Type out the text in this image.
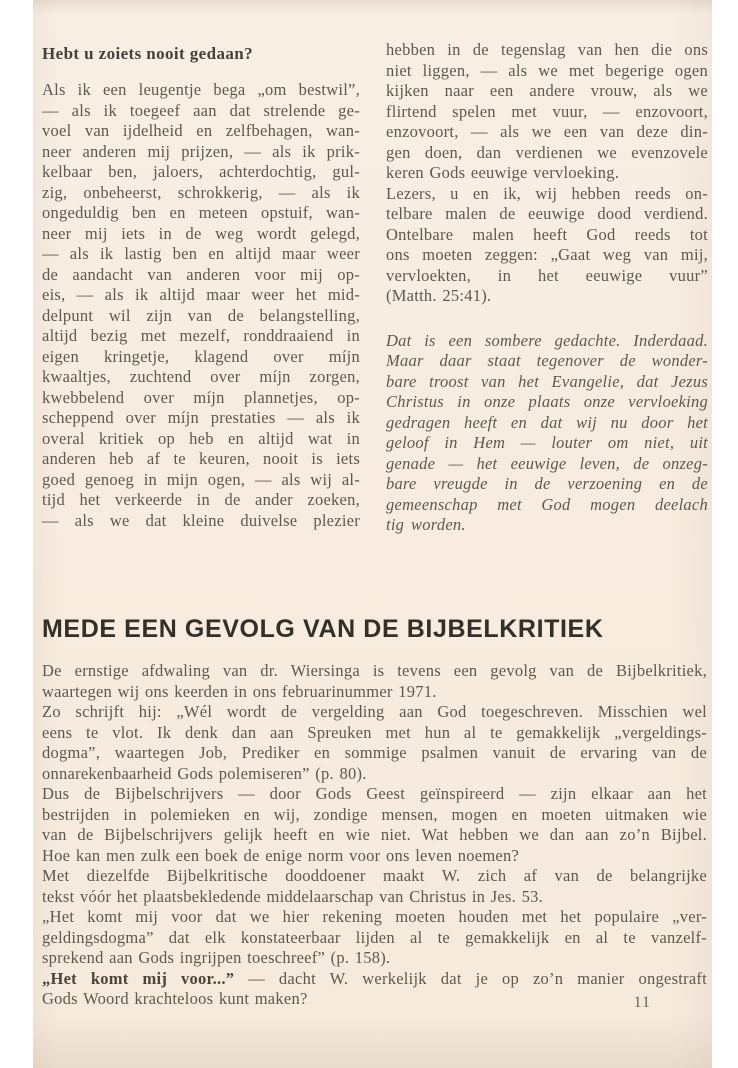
Hebt u zoiets nooit gedaan?
Als ik een leugentje bega „om bestwil”,
— als ik toegeef aan dat strelende ge-
voel van ijdelheid en zelfbehagen, wan-
neer anderen mij prijzen, — als ik prik-
kelbaar ben, jaloers, achterdochtig, gul-
zig, onbeheerst, schrokkerig, — als ik
ongeduldig ben en meteen opstuif, wan-
neer mij iets in de weg wordt gelegd,
— als ik lastig ben en altijd maar weer
de aandacht van anderen voor mij op-
eis, — als ik altijd maar weer het mid-
delpunt wil zijn van de belangstelling,
altijd bezig met mezelf, ronddraaiend in
eigen kringetje, klagend over míjn
kwaaltjes, zuchtend over míjn zorgen,
kwebbelend over míjn plannetjes, op-
scheppend over míjn prestaties — als ik
overal kritiek op heb en altijd wat in
anderen heb af te keuren, nooit is iets
goed genoeg in mijn ogen, — als wij al-
tijd het verkeerde in de ander zoeken,
— als we dat kleine duivelse plezier
hebben in de tegenslag van hen die ons
niet liggen, — als we met begerige ogen
kijken naar een andere vrouw, als we
flirtend spelen met vuur, — enzovoort,
enzovoort, — als we een van deze din-
gen doen, dan verdienen we evenzovele
keren Gods eeuwige vervloeking.
Lezers, u en ik, wij hebben reeds on-
telbare malen de eeuwige dood verdiend.
Ontelbare malen heeft God reeds tot
ons moeten zeggen: „Gaat weg van mij,
vervloekten, in het eeuwige vuur”
(Matth. 25:41).
Dat is een sombere gedachte. Inderdaad.
Maar daar staat tegenover de wonder-
bare troost van het Evangelie, dat Jezus
Christus in onze plaats onze vervloeking
gedragen heeft en dat wij nu door het
geloof in Hem — louter om niet, uit
genade — het eeuwige leven, de onzeg-
bare vreugde in de verzoening en de
gemeenschap met God mogen deelach
tig worden.
MEDE EEN GEVOLG VAN DE BIJBELKRITIEK
De ernstige afdwaling van dr. Wiersinga is tevens een gevolg van de Bijbelkritiek,
waartegen wij ons keerden in ons februarinummer 1971.
Zo schrijft hij: „Wél wordt de vergelding aan God toegeschreven. Misschien wel
eens te vlot. Ik denk dan aan Spreuken met hun al te gemakkelijk „vergeldings-
dogma”, waartegen Job, Prediker en sommige psalmen vanuit de ervaring van de
onnarekenbaarheid Gods polemiseren” (p. 80).
Dus de Bijbelschrijvers — door Gods Geest geïnspireerd — zijn elkaar aan het
bestrijden in polemieken en wij, zondige mensen, mogen en moeten uitmaken wie
van de Bijbelschrijvers gelijk heeft en wie niet. Wat hebben we dan aan zo’n Bijbel.
Hoe kan men zulk een boek de enige norm voor ons leven noemen?
Met diezelfde Bijbelkritische dooddoener maakt W. zich af van de belangrijke
tekst vóór het plaatsbekledende middelaarschap van Christus in Jes. 53.
„Het komt mij voor dat we hier rekening moeten houden met het populaire „ver-
geldingsdogma” dat elk konstateerbaar lijden al te gemakkelijk en al te vanzelf-
sprekend aan Gods ingrijpen toeschreef” (p. 158).
„Het komt mij voor...” — dacht W. werkelijk dat je op zo’n manier ongestraft
Gods Woord krachteloos kunt maken?	11
